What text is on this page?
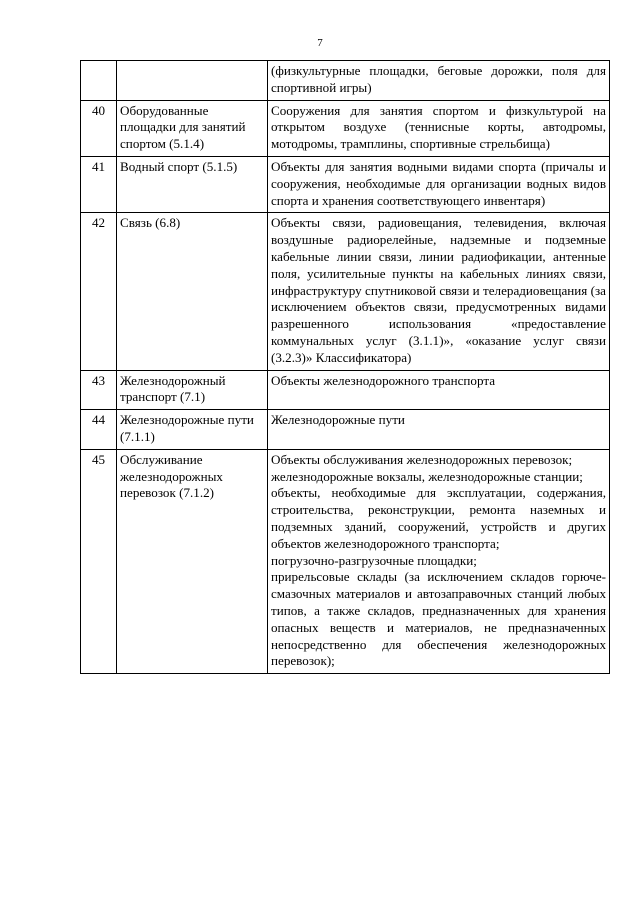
7

		(физкультурные площадки, беговые дорожки, поля для спортивной игры)

40	Оборудованные площадки для занятий спортом (5.1.4)	Сооружения для занятия спортом и физкультурой на открытом воздухе (теннисные корты, автодромы, мотодромы, трамплины, спортивные стрельбища)

41	Водный спорт (5.1.5)	Объекты для занятия водными видами спорта (причалы и сооружения, необходимые для организации водных видов спорта и хранения соответствующего инвентаря)

42	Связь (6.8)	Объекты связи, радиовещания, телевидения, включая воздушные радиорелейные, надземные и подземные кабельные линии связи, линии радиофикации, антенные поля, усилительные пункты на кабельных линиях связи, инфраструктуру спутниковой связи и телерадиовещания (за исключением объектов связи, предусмотренных видами разрешенного использования «предоставление коммунальных услуг (3.1.1)», «оказание услуг связи (3.2.3)» Классификатора)

43	Железнодорожный транспорт (7.1)	Объекты железнодорожного транспорта

44	Железнодорожные пути (7.1.1)	Железнодорожные пути

45	Обслуживание железнодорожных перевозок (7.1.2)	Объекты обслуживания железнодорожных перевозок;

железнодорожные вокзалы, железнодорожные станции;

объекты, необходимые для эксплуатации, содержания, строительства, реконструкции, ремонта наземных и подземных зданий, сооружений, устройств и других объектов железнодорожного транспорта;

погрузочно-разгрузочные площадки;

прирельсовые склады (за исключением складов горюче-смазочных материалов и автозаправочных станций любых типов, а также складов, предназначенных для хранения опасных веществ и материалов, не предназначенных непосредственно для обеспечения железнодорожных перевозок);
